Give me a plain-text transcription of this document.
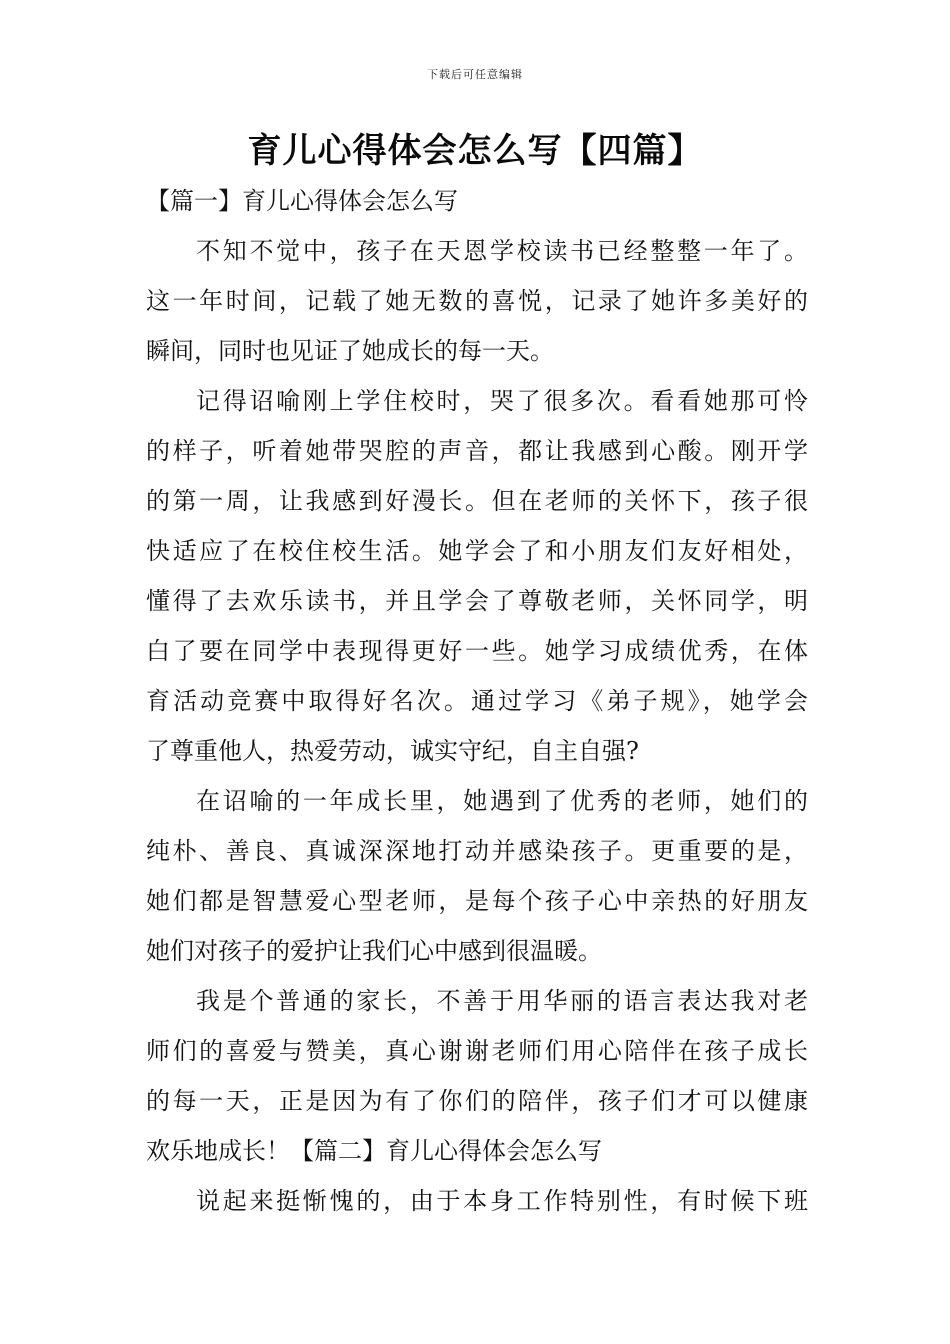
下载后可任意编辑
育儿心得体会怎么写【四篇】
【篇一】育儿心得体会怎么写
不知不觉中，孩子在天恩学校读书已经整整一年了。
这一年时间，记载了她无数的喜悦，记录了她许多美好的
瞬间，同时也见证了她成长的每一天。
记得诏喻刚上学住校时，哭了很多次。看看她那可怜
的样子，听着她带哭腔的声音，都让我感到心酸。刚开学
的第一周，让我感到好漫长。但在老师的关怀下，孩子很
快适应了在校住校生活。她学会了和小朋友们友好相处，
懂得了去欢乐读书，并且学会了尊敬老师，关怀同学，明
白了要在同学中表现得更好一些。她学习成绩优秀，在体
育活动竞赛中取得好名次。通过学习《弟子规》，她学会
了尊重他人，热爱劳动，诚实守纪，自主自强?
在诏喻的一年成长里，她遇到了优秀的老师，她们的
纯朴、善良、真诚深深地打动并感染孩子。更重要的是，
她们都是智慧爱心型老师，是每个孩子心中亲热的好朋友
她们对孩子的爱护让我们心中感到很温暖。
我是个普通的家长，不善于用华丽的语言表达我对老
师们的喜爱与赞美，真心谢谢老师们用心陪伴在孩子成长
的每一天，正是因为有了你们的陪伴，孩子们才可以健康
欢乐地成长！【篇二】育儿心得体会怎么写
说起来挺惭愧的，由于本身工作特别性，有时候下班
